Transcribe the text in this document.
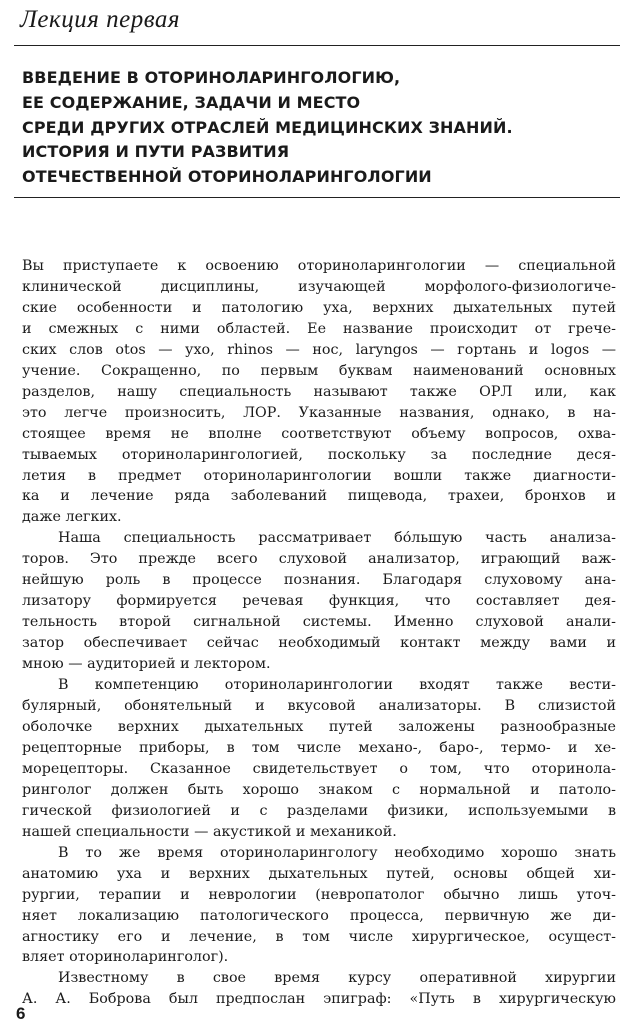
Лекция первая
ВВЕДЕНИЕ В ОТОРИНОЛАРИНГОЛОГИЮ,
ЕЕ СОДЕРЖАНИЕ, ЗАДАЧИ И МЕСТО
СРЕДИ ДРУГИХ ОТРАСЛЕЙ МЕДИЦИНСКИХ ЗНАНИЙ.
ИСТОРИЯ И ПУТИ РАЗВИТИЯ
ОТЕЧЕСТВЕННОЙ ОТОРИНОЛАРИНГОЛОГИИ
Вы приступаете к освоению оториноларингологии — специальной
клинической дисциплины, изучающей морфолого-физиологиче-
ские особенности и патологию уха, верхних дыхательных путей
и смежных с ними областей. Ее название происходит от грече-
ских слов otos — ухо, rhinos — нос, laryngos — гортань и logos —
учение. Сокращенно, по первым буквам наименований основных
разделов, нашу специальность называют также ОРЛ или, как
это легче произносить, ЛОР. Указанные названия, однако, в на-
стоящее время не вполне соответствуют объему вопросов, охва-
тываемых оториноларингологией, поскольку за последние деся-
летия в предмет оториноларингологии вошли также диагности-
ка и лечение ряда заболеваний пищевода, трахеи, бронхов и
даже легких.
Наша специальность рассматривает бо́льшую часть анализа-
торов. Это прежде всего слуховой анализатор, играющий важ-
нейшую роль в процессе познания. Благодаря слуховому ана-
лизатору формируется речевая функция, что составляет дея-
тельность второй сигнальной системы. Именно слуховой анали-
затор обеспечивает сейчас необходимый контакт между вами и
мною — аудиторией и лектором.
В компетенцию оториноларингологии входят также вести-
булярный, обонятельный и вкусовой анализаторы. В слизистой
оболочке верхних дыхательных путей заложены разнообразные
рецепторные приборы, в том числе механо-, баро-, термо- и хе-
морецепторы. Сказанное свидетельствует о том, что оторинола-
ринголог должен быть хорошо знаком с нормальной и патоло-
гической физиологией и с разделами физики, используемыми в
нашей специальности — акустикой и механикой.
В то же время оториноларингологу необходимо хорошо знать
анатомию уха и верхних дыхательных путей, основы общей хи-
рургии, терапии и неврологии (невропатолог обычно лишь уточ-
няет локализацию патологического процесса, первичную же ди-
агностику его и лечение, в том числе хирургическое, осущест-
вляет оториноларинголог).
Известному в свое время курсу оперативной хирургии
А. А. Боброва был предпослан эпиграф: «Путь в хирургическую
6
